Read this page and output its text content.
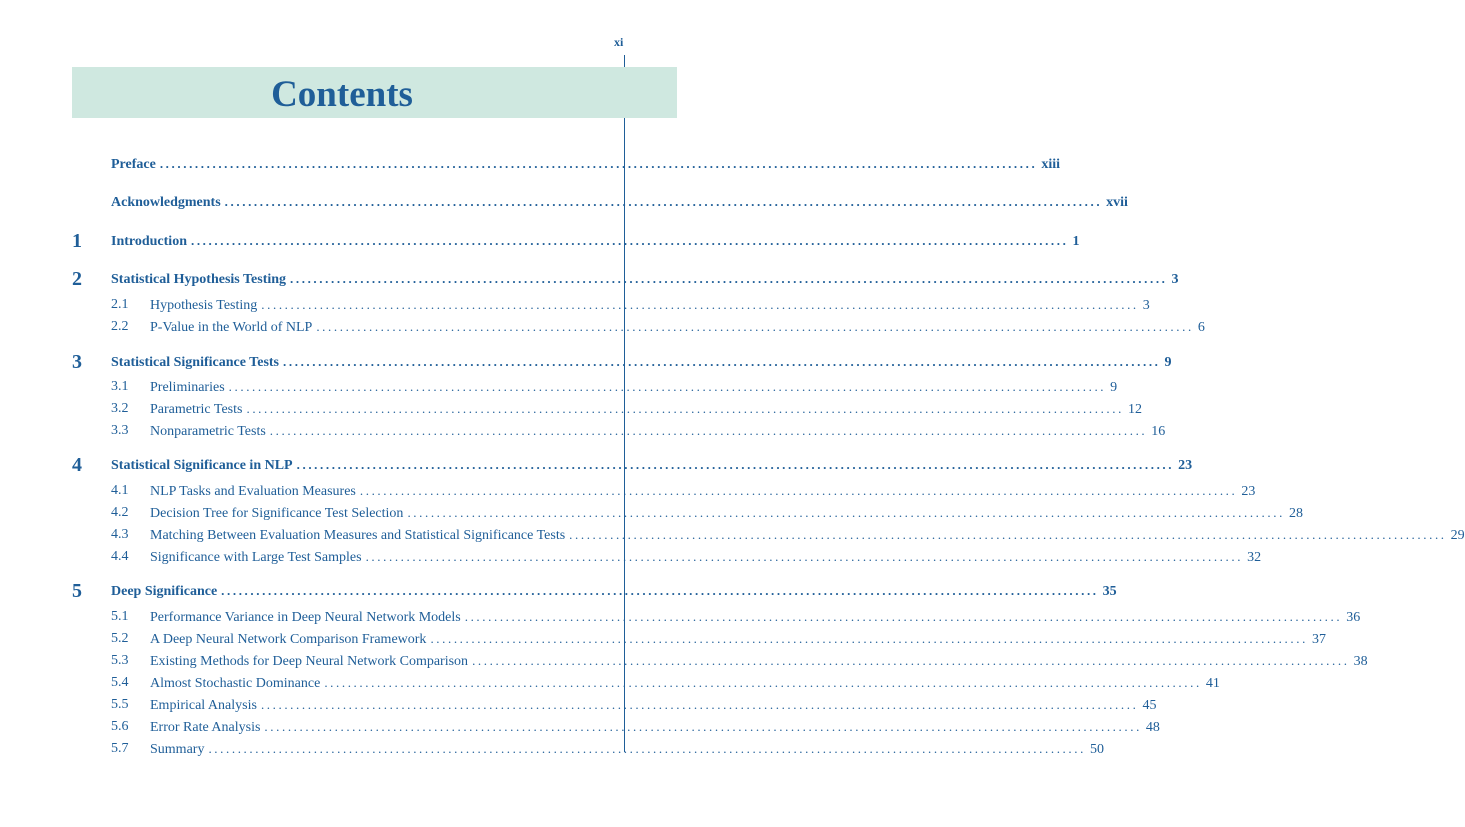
xi
Contents
Preface ...................................................................................................................................................... xiii
Acknowledgments ...................................................................................................................................................... xvii
1 Introduction ...................................................................................................................................................... 1
2 Statistical Hypothesis Testing ...................................................................................................................................................... 3
2.1 Hypothesis Testing ...................................................................................................................................................... 3
2.2 P-Value in the World of NLP ...................................................................................................................................................... 6
3 Statistical Significance Tests ...................................................................................................................................................... 9
3.1 Preliminaries ...................................................................................................................................................... 9
3.2 Parametric Tests ...................................................................................................................................................... 12
3.3 Nonparametric Tests ...................................................................................................................................................... 16
4 Statistical Significance in NLP ...................................................................................................................................................... 23
4.1 NLP Tasks and Evaluation Measures ...................................................................................................................................................... 23
4.2 Decision Tree for Significance Test Selection ...................................................................................................................................................... 28
4.3 Matching Between Evaluation Measures and Statistical Significance Tests ...................................................................................................................................................... 29
4.4 Significance with Large Test Samples ...................................................................................................................................................... 32
5 Deep Significance ...................................................................................................................................................... 35
5.1 Performance Variance in Deep Neural Network Models ...................................................................................................................................................... 36
5.2 A Deep Neural Network Comparison Framework ...................................................................................................................................................... 37
5.3 Existing Methods for Deep Neural Network Comparison ...................................................................................................................................................... 38
5.4 Almost Stochastic Dominance ...................................................................................................................................................... 41
5.5 Empirical Analysis ...................................................................................................................................................... 45
5.6 Error Rate Analysis ...................................................................................................................................................... 48
5.7 Summary ...................................................................................................................................................... 50
